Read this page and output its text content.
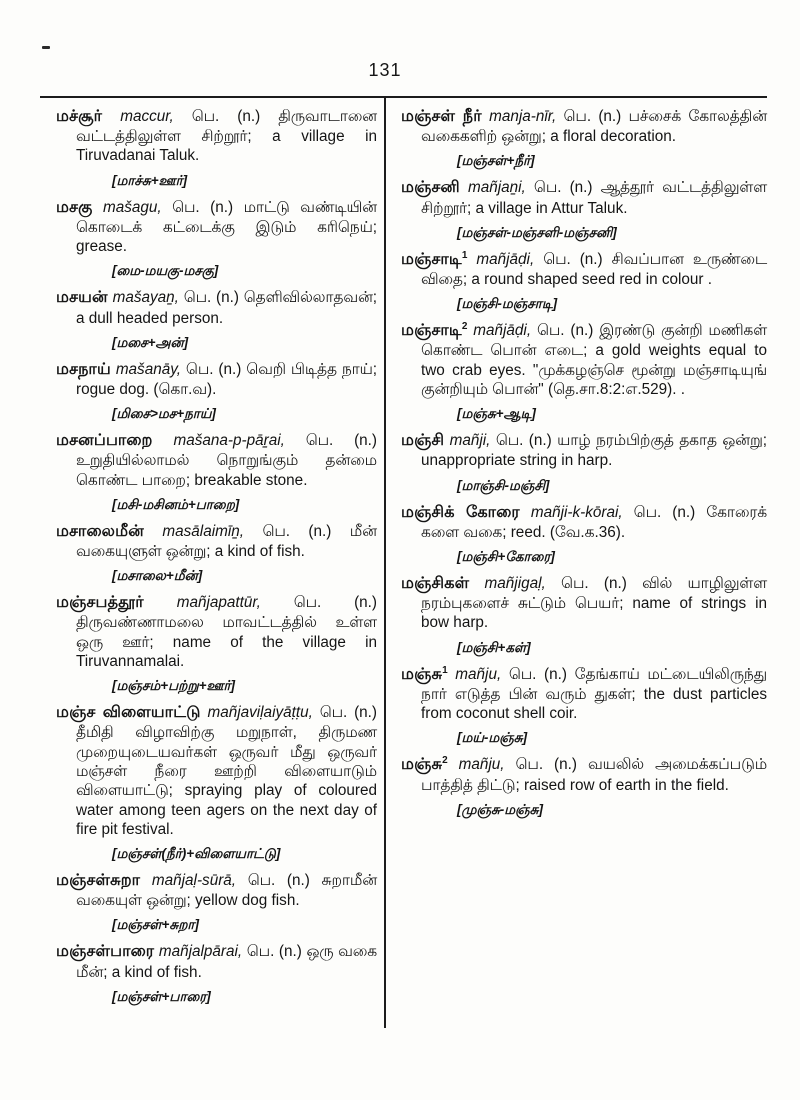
131

மச்சூர் maccur, பெ. (n.) திருவாடானை வட்டத்திலுள்ள சிற்றூர்; a village in Tiruvadanai Taluk.

[மாச்சு+ஊர்]

மசகு mašagu, பெ. (n.) மாட்டு வண்டியின் கொடைக் கட்டைக்கு இடும் கரிநெய்; grease.

[மை-மயகு-மசகு]

மசயன் mašayaṉ, பெ. (n.) தெளிவில்லாதவன்; a dull headed person.

[மசை+அன்]

மசநாய் mašanāy, பெ. (n.) வெறி பிடித்த நாய்; rogue dog. (கொ.வ).

[மிசை>மச+நாய்]

மசனப்பாறை mašana-p-pāṟai, பெ. (n.) உறுதியில்லாமல் நொறுங்கும் தன்மை கொண்ட பாறை; breakable stone.

[மசி-மசினம்+பாறை]

மசாலைமீன் masālaimīṉ, பெ. (n.) மீன் வகையுளுள் ஒன்று; a kind of fish.

[மசாலை+மீன்]

மஞ்சபத்தூர் mañjapattūr, பெ. (n.) திருவண்ணாமலை மாவட்டத்தில் உள்ள ஒரு ஊர்; name of the village in Tiruvannamalai.

[மஞ்சம்+பற்று+ஊர்]

மஞ்ச விளையாட்டு mañjaviḷaiyāṭṭu, பெ. (n.) தீமிதி விழாவிற்கு மறுநாள், திருமண முறையுடையவர்கள் ஒருவர் மீது ஒருவர் மஞ்சள் நீரை ஊற்றி விளையாடும் விளையாட்டு; spraying play of coloured water among teen agers on the next day of fire pit festival.

[மஞ்சள்(நீர்)+விளையாட்டு]

மஞ்சள்சுறா mañjaḷ-sūrā, பெ. (n.) சுறாமீன் வகையுள் ஒன்று; yellow dog fish.

[மஞ்சள்+சுறா]

மஞ்சள்பாரை mañjalpārai, பெ. (n.) ஒரு வகை மீன்; a kind of fish.

[மஞ்சள்+பாரை]

மஞ்சள் நீர் manja-nīr, பெ. (n.) பச்சைக் கோலத்தின் வகைகளிற் ஒன்று; a floral decoration.

[மஞ்சள்+நீர்]

மஞ்சனி mañjaṉi, பெ. (n.) ஆத்தூர் வட்டத்திலுள்ள சிற்றூர்; a village in Attur Taluk.

[மஞ்சள்-மஞ்சளி-மஞ்சனி]

மஞ்சாடி$^1$ mañjāḍi, பெ. (n.) சிவப்பான உருண்டை விதை; a round shaped seed red in colour .

[மஞ்சி-மஞ்சாடி]

மஞ்சாடி$^2$ mañjāḍi, பெ. (n.) இரண்டு குன்றி மணிகள் கொண்ட பொன் எடை; a gold weights equal to two crab eyes. "முக்கழஞ்செ மூன்று மஞ்சாடியுங் குன்றியும் பொன்" (தெ.சா.8:2:எ.529). .

[மஞ்சு+ஆடி]

மஞ்சி mañji, பெ. (n.) யாழ் நரம்பிற்குத் தகாத ஒன்று; unappropriate string in harp.

[மாஞ்சி-மஞ்சி]

மஞ்சிக் கோரை mañji-k-kōrai, பெ. (n.) கோரைக் களை வகை; reed. (வே.க.36).

[மஞ்சி+கோரை]

மஞ்சிகள் mañjigaḷ, பெ. (n.) வில் யாழிலுள்ள நரம்புகளைச் சுட்டும் பெயர்; name of strings in bow harp.

[மஞ்சி+கள்]

மஞ்சு$^1$ mañju, பெ. (n.) தேங்காய் மட்டையிலிருந்து நார் எடுத்த பின் வரும் துகள்; the dust particles from coconut shell coir.

[மய்-மஞ்சு]

மஞ்சு$^2$ mañju, பெ. (n.) வயலில் அமைக்கப்படும் பாத்தித் திட்டு; raised row of earth in the field.

[முஞ்சு-மஞ்சு]
